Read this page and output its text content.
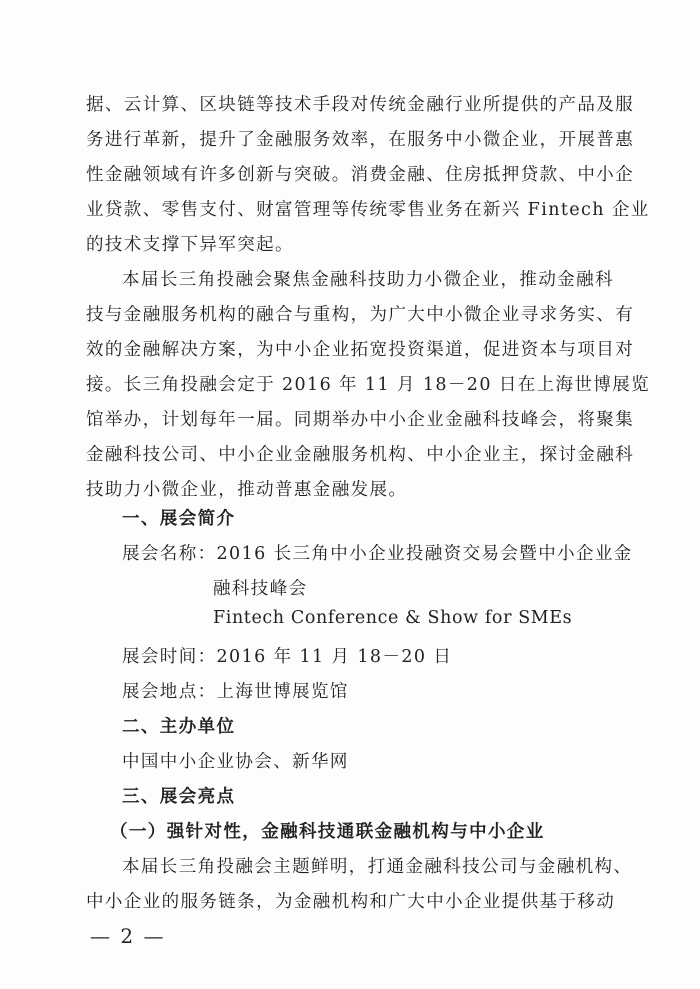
据、云计算、区块链等技术手段对传统金融行业所提供的产品及服
务进行革新，提升了金融服务效率，在服务中小微企业，开展普惠
性金融领域有许多创新与突破。消费金融、住房抵押贷款、中小企
业贷款、零售支付、财富管理等传统零售业务在新兴 Fintech 企业
的技术支撑下异军突起。
本届长三角投融会聚焦金融科技助力小微企业，推动金融科
技与金融服务机构的融合与重构，为广大中小微企业寻求务实、有
效的金融解决方案，为中小企业拓宽投资渠道，促进资本与项目对
接。长三角投融会定于 2016 年 11 月 18－20 日在上海世博展览
馆举办，计划每年一届。同期举办中小企业金融科技峰会，将聚集
金融科技公司、中小企业金融服务机构、中小企业主，探讨金融科
技助力小微企业，推动普惠金融发展。
一、展会简介
展会名称：2016 长三角中小企业投融资交易会暨中小企业金
融科技峰会
Fintech Conference & Show for SMEs
展会时间：2016 年 11 月 18－20 日
展会地点：上海世博展览馆
二、主办单位
中国中小企业协会、新华网
三、展会亮点
（一）强针对性，金融科技通联金融机构与中小企业
本届长三角投融会主题鲜明，打通金融科技公司与金融机构、
中小企业的服务链条，为金融机构和广大中小企业提供基于移动
— 2 —
